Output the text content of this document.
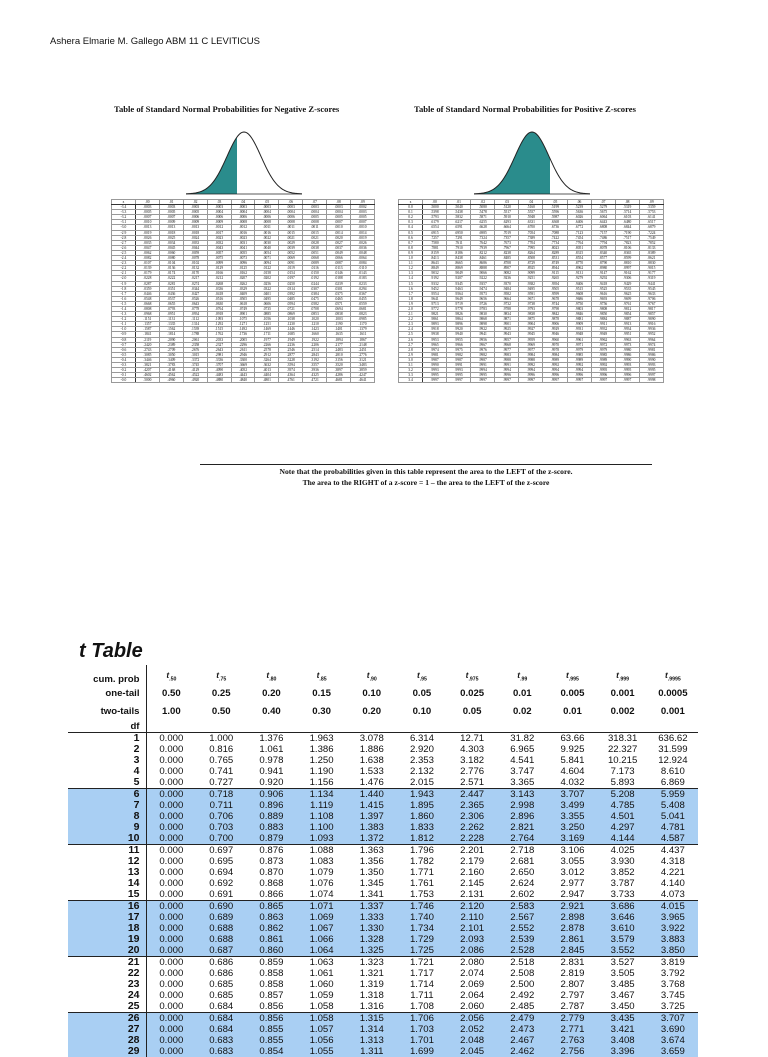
Ashera Elmarie M. Gallego ABM 11 C LEVITICUS
Table of Standard Normal Probabilities for Negative Z-scores	Table of Standard Normal Probabilities for Positive Z-scores
z	.00	.01	.02	.03	.04	.05	.06	.07	.08	.09
-3.4	.0003	.0003	.0003	.0003	.0003	.0003	.0003	.0003	.0003	.0002
-3.3	.0005	.0005	.0005	.0004	.0004	.0004	.0004	.0004	.0004	.0003
-3.2	.0007	.0007	.0006	.0006	.0006	.0006	.0006	.0005	.0005	.0005
-3.1	.0010	.0009	.0009	.0009	.0008	.0008	.0008	.0008	.0007	.0007
-3.0	.0013	.0013	.0013	.0012	.0012	.0011	.0011	.0011	.0010	.0010
-2.9	.0019	.0018	.0018	.0017	.0016	.0016	.0015	.0015	.0014	.0014
-2.8	.0026	.0025	.0024	.0023	.0023	.0022	.0021	.0021	.0020	.0019
-2.7	.0035	.0034	.0033	.0032	.0031	.0030	.0029	.0028	.0027	.0026
-2.6	.0047	.0045	.0044	.0043	.0041	.0040	.0039	.0038	.0037	.0036
-2.5	.0062	.0060	.0059	.0057	.0055	.0054	.0052	.0051	.0049	.0048
-2.4	.0082	.0080	.0078	.0075	.0073	.0071	.0069	.0068	.0066	.0064
-2.3	.0107	.0104	.0102	.0099	.0096	.0094	.0091	.0089	.0087	.0084
-2.2	.0139	.0136	.0132	.0129	.0125	.0122	.0119	.0116	.0113	.0110
-2.1	.0179	.0174	.0170	.0166	.0162	.0158	.0154	.0150	.0146	.0143
-2.0	.0228	.0222	.0217	.0212	.0207	.0202	.0197	.0192	.0188	.0183
-1.9	.0287	.0281	.0274	.0268	.0262	.0256	.0250	.0244	.0239	.0233
-1.8	.0359	.0351	.0344	.0336	.0329	.0322	.0314	.0307	.0301	.0294
-1.7	.0446	.0436	.0427	.0418	.0409	.0401	.0392	.0384	.0375	.0367
-1.6	.0548	.0537	.0526	.0516	.0505	.0495	.0485	.0475	.0465	.0455
-1.5	.0668	.0655	.0643	.0630	.0618	.0606	.0594	.0582	.0571	.0559
-1.4	.0808	.0793	.0778	.0764	.0749	.0735	.0721	.0708	.0694	.0681
-1.3	.0968	.0951	.0934	.0918	.0901	.0885	.0869	.0853	.0838	.0823
-1.2	.1151	.1131	.1112	.1093	.1075	.1056	.1038	.1020	.1003	.0985
-1.1	.1357	.1335	.1314	.1292	.1271	.1251	.1230	.1210	.1190	.1170
-1.0	.1587	.1562	.1539	.1515	.1492	.1469	.1446	.1423	.1401	.1379
-0.9	.1841	.1814	.1788	.1762	.1736	.1711	.1685	.1660	.1635	.1611
-0.8	.2119	.2090	.2061	.2033	.2005	.1977	.1949	.1922	.1894	.1867
-0.7	.2420	.2389	.2358	.2327	.2296	.2266	.2236	.2206	.2177	.2148
-0.6	.2743	.2709	.2676	.2643	.2611	.2578	.2546	.2514	.2483	.2451
-0.5	.3085	.3050	.3015	.2981	.2946	.2912	.2877	.2843	.2810	.2776
-0.4	.3446	.3409	.3372	.3336	.3300	.3264	.3228	.3192	.3156	.3121
-0.3	.3821	.3783	.3745	.3707	.3669	.3632	.3594	.3557	.3520	.3483
-0.2	.4207	.4168	.4129	.4090	.4052	.4013	.3974	.3936	.3897	.3859
-0.1	.4602	.4562	.4522	.4483	.4443	.4404	.4364	.4325	.4286	.4247
-0.0	.5000	.4960	.4920	.4880	.4840	.4801	.4761	.4721	.4681	.4641
z	.00	.01	.02	.03	.04	.05	.06	.07	.08	.09
0.0	.5000	.5040	.5080	.5120	.5160	.5199	.5239	.5279	.5319	.5359
0.1	.5398	.5438	.5478	.5517	.5557	.5596	.5636	.5675	.5714	.5753
0.2	.5793	.5832	.5871	.5910	.5948	.5987	.6026	.6064	.6103	.6141
0.3	.6179	.6217	.6255	.6293	.6331	.6368	.6406	.6443	.6480	.6517
0.4	.6554	.6591	.6628	.6664	.6700	.6736	.6772	.6808	.6844	.6879
0.5	.6915	.6950	.6985	.7019	.7054	.7088	.7123	.7157	.7190	.7224
0.6	.7257	.7291	.7324	.7357	.7389	.7422	.7454	.7486	.7517	.7549
0.7	.7580	.7611	.7642	.7673	.7704	.7734	.7764	.7794	.7823	.7852
0.8	.7881	.7910	.7939	.7967	.7995	.8023	.8051	.8078	.8106	.8133
0.9	.8159	.8186	.8212	.8238	.8264	.8289	.8315	.8340	.8365	.8389
1.0	.8413	.8438	.8461	.8485	.8508	.8531	.8554	.8577	.8599	.8621
1.1	.8643	.8665	.8686	.8708	.8729	.8749	.8770	.8790	.8810	.8830
1.2	.8849	.8869	.8888	.8907	.8925	.8944	.8962	.8980	.8997	.9015
1.3	.9032	.9049	.9066	.9082	.9099	.9115	.9131	.9147	.9162	.9177
1.4	.9192	.9207	.9222	.9236	.9251	.9265	.9279	.9292	.9306	.9319
1.5	.9332	.9345	.9357	.9370	.9382	.9394	.9406	.9418	.9429	.9441
1.6	.9452	.9463	.9474	.9484	.9495	.9505	.9515	.9525	.9535	.9545
1.7	.9554	.9564	.9573	.9582	.9591	.9599	.9608	.9616	.9625	.9633
1.8	.9641	.9649	.9656	.9664	.9671	.9678	.9686	.9693	.9699	.9706
1.9	.9713	.9719	.9726	.9732	.9738	.9744	.9750	.9756	.9761	.9767
2.0	.9772	.9778	.9783	.9788	.9793	.9798	.9803	.9808	.9812	.9817
2.1	.9821	.9826	.9830	.9834	.9838	.9842	.9846	.9850	.9854	.9857
2.2	.9861	.9864	.9868	.9871	.9875	.9878	.9881	.9884	.9887	.9890
2.3	.9893	.9896	.9898	.9901	.9904	.9906	.9909	.9911	.9913	.9916
2.4	.9918	.9920	.9922	.9925	.9927	.9929	.9931	.9932	.9934	.9936
2.5	.9938	.9940	.9941	.9943	.9945	.9946	.9948	.9949	.9951	.9952
2.6	.9953	.9955	.9956	.9957	.9959	.9960	.9961	.9962	.9963	.9964
2.7	.9965	.9966	.9967	.9968	.9969	.9970	.9971	.9972	.9973	.9974
2.8	.9974	.9975	.9976	.9977	.9977	.9978	.9979	.9979	.9980	.9981
2.9	.9981	.9982	.9982	.9983	.9984	.9984	.9985	.9985	.9986	.9986
3.0	.9987	.9987	.9987	.9988	.9988	.9989	.9989	.9989	.9990	.9990
3.1	.9990	.9991	.9991	.9991	.9992	.9992	.9992	.9992	.9993	.9993
3.2	.9993	.9993	.9994	.9994	.9994	.9994	.9994	.9995	.9995	.9995
3.3	.9995	.9995	.9995	.9996	.9996	.9996	.9996	.9996	.9996	.9997
3.4	.9997	.9997	.9997	.9997	.9997	.9997	.9997	.9997	.9997	.9998
Note that the probabilities given in this table represent the area to the LEFT of the z-score.
The area to the RIGHT of a z-score = 1 – the area to the LEFT of the z-score
t Table
cum. prob	$t_{.50}$	$t_{.75}$	$t_{.80}$	$t_{.85}$	$t_{.90}$	$t_{.95}$	$t_{.975}$	$t_{.99}$	$t_{.995}$	$t_{.999}$	$t_{.9995}$
one-tail	0.50	0.25	0.20	0.15	0.10	0.05	0.025	0.01	0.005	0.001	0.0005
two-tails	1.00	0.50	0.40	0.30	0.20	0.10	0.05	0.02	0.01	0.002	0.001
df											
1	0.000	1.000	1.376	1.963	3.078	6.314	12.71	31.82	63.66	318.31	636.62
2	0.000	0.816	1.061	1.386	1.886	2.920	4.303	6.965	9.925	22.327	31.599
3	0.000	0.765	0.978	1.250	1.638	2.353	3.182	4.541	5.841	10.215	12.924
4	0.000	0.741	0.941	1.190	1.533	2.132	2.776	3.747	4.604	7.173	8.610
5	0.000	0.727	0.920	1.156	1.476	2.015	2.571	3.365	4.032	5.893	6.869
6	0.000	0.718	0.906	1.134	1.440	1.943	2.447	3.143	3.707	5.208	5.959
7	0.000	0.711	0.896	1.119	1.415	1.895	2.365	2.998	3.499	4.785	5.408
8	0.000	0.706	0.889	1.108	1.397	1.860	2.306	2.896	3.355	4.501	5.041
9	0.000	0.703	0.883	1.100	1.383	1.833	2.262	2.821	3.250	4.297	4.781
10	0.000	0.700	0.879	1.093	1.372	1.812	2.228	2.764	3.169	4.144	4.587
11	0.000	0.697	0.876	1.088	1.363	1.796	2.201	2.718	3.106	4.025	4.437
12	0.000	0.695	0.873	1.083	1.356	1.782	2.179	2.681	3.055	3.930	4.318
13	0.000	0.694	0.870	1.079	1.350	1.771	2.160	2.650	3.012	3.852	4.221
14	0.000	0.692	0.868	1.076	1.345	1.761	2.145	2.624	2.977	3.787	4.140
15	0.000	0.691	0.866	1.074	1.341	1.753	2.131	2.602	2.947	3.733	4.073
16	0.000	0.690	0.865	1.071	1.337	1.746	2.120	2.583	2.921	3.686	4.015
17	0.000	0.689	0.863	1.069	1.333	1.740	2.110	2.567	2.898	3.646	3.965
18	0.000	0.688	0.862	1.067	1.330	1.734	2.101	2.552	2.878	3.610	3.922
19	0.000	0.688	0.861	1.066	1.328	1.729	2.093	2.539	2.861	3.579	3.883
20	0.000	0.687	0.860	1.064	1.325	1.725	2.086	2.528	2.845	3.552	3.850
21	0.000	0.686	0.859	1.063	1.323	1.721	2.080	2.518	2.831	3.527	3.819
22	0.000	0.686	0.858	1.061	1.321	1.717	2.074	2.508	2.819	3.505	3.792
23	0.000	0.685	0.858	1.060	1.319	1.714	2.069	2.500	2.807	3.485	3.768
24	0.000	0.685	0.857	1.059	1.318	1.711	2.064	2.492	2.797	3.467	3.745
25	0.000	0.684	0.856	1.058	1.316	1.708	2.060	2.485	2.787	3.450	3.725
26	0.000	0.684	0.856	1.058	1.315	1.706	2.056	2.479	2.779	3.435	3.707
27	0.000	0.684	0.855	1.057	1.314	1.703	2.052	2.473	2.771	3.421	3.690
28	0.000	0.683	0.855	1.056	1.313	1.701	2.048	2.467	2.763	3.408	3.674
29	0.000	0.683	0.854	1.055	1.311	1.699	2.045	2.462	2.756	3.396	3.659
